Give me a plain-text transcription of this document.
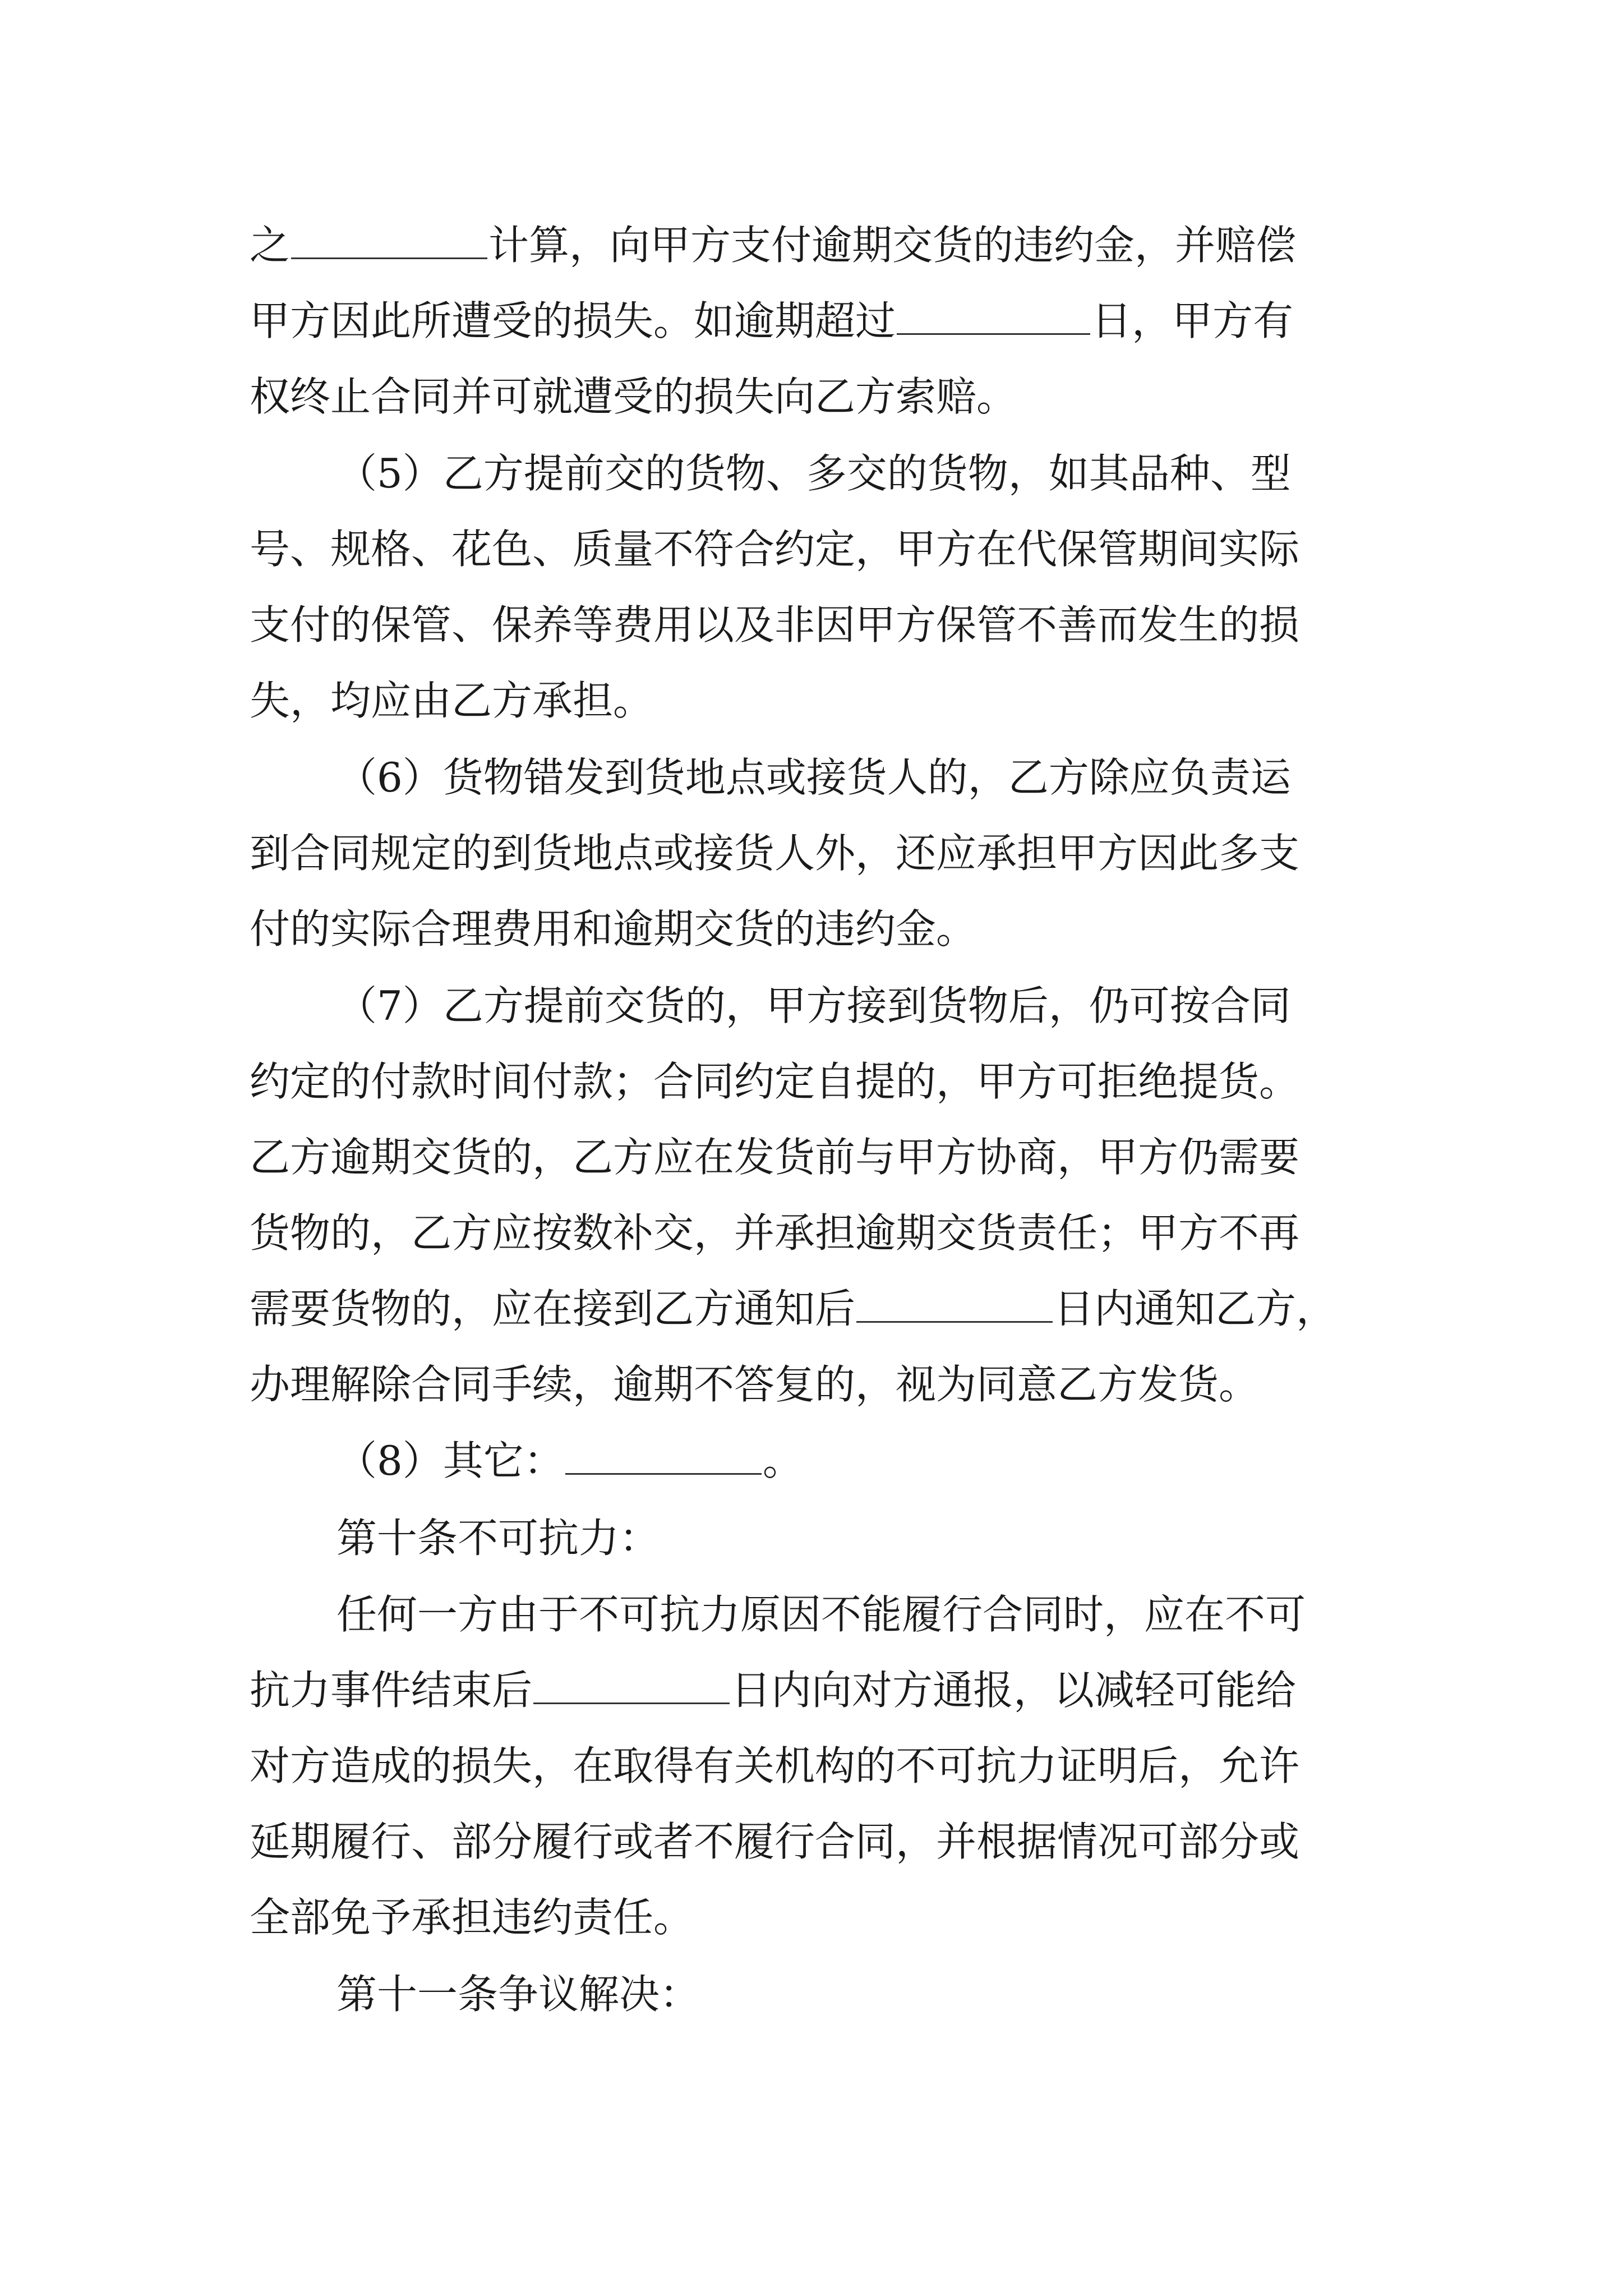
之	计算，向甲方支付逾期交货的违约金，并赔偿
甲方因此所遭受的损失。如逾期超过	日，甲方有
权终止合同并可就遭受的损失向乙方索赔。
（5）乙方提前交的货物、多交的货物，如其品种、型
号、规格、花色、质量不符合约定，甲方在代保管期间实际
支付的保管、保养等费用以及非因甲方保管不善而发生的损
失，均应由乙方承担。
（6）货物错发到货地点或接货人的，乙方除应负责运
到合同规定的到货地点或接货人外，还应承担甲方因此多支
付的实际合理费用和逾期交货的违约金。
（7）乙方提前交货的，甲方接到货物后，仍可按合同
约定的付款时间付款；合同约定自提的，甲方可拒绝提货。
乙方逾期交货的，乙方应在发货前与甲方协商，甲方仍需要
货物的，乙方应按数补交，并承担逾期交货责任；甲方不再
需要货物的，应在接到乙方通知后	日内通知乙方，
办理解除合同手续，逾期不答复的，视为同意乙方发货。
（8）其它：	。
第十条不可抗力：
任何一方由于不可抗力原因不能履行合同时，应在不可
抗力事件结束后	日内向对方通报，以减轻可能给
对方造成的损失，在取得有关机构的不可抗力证明后，允许
延期履行、部分履行或者不履行合同，并根据情况可部分或
全部免予承担违约责任。
第十一条争议解决：
